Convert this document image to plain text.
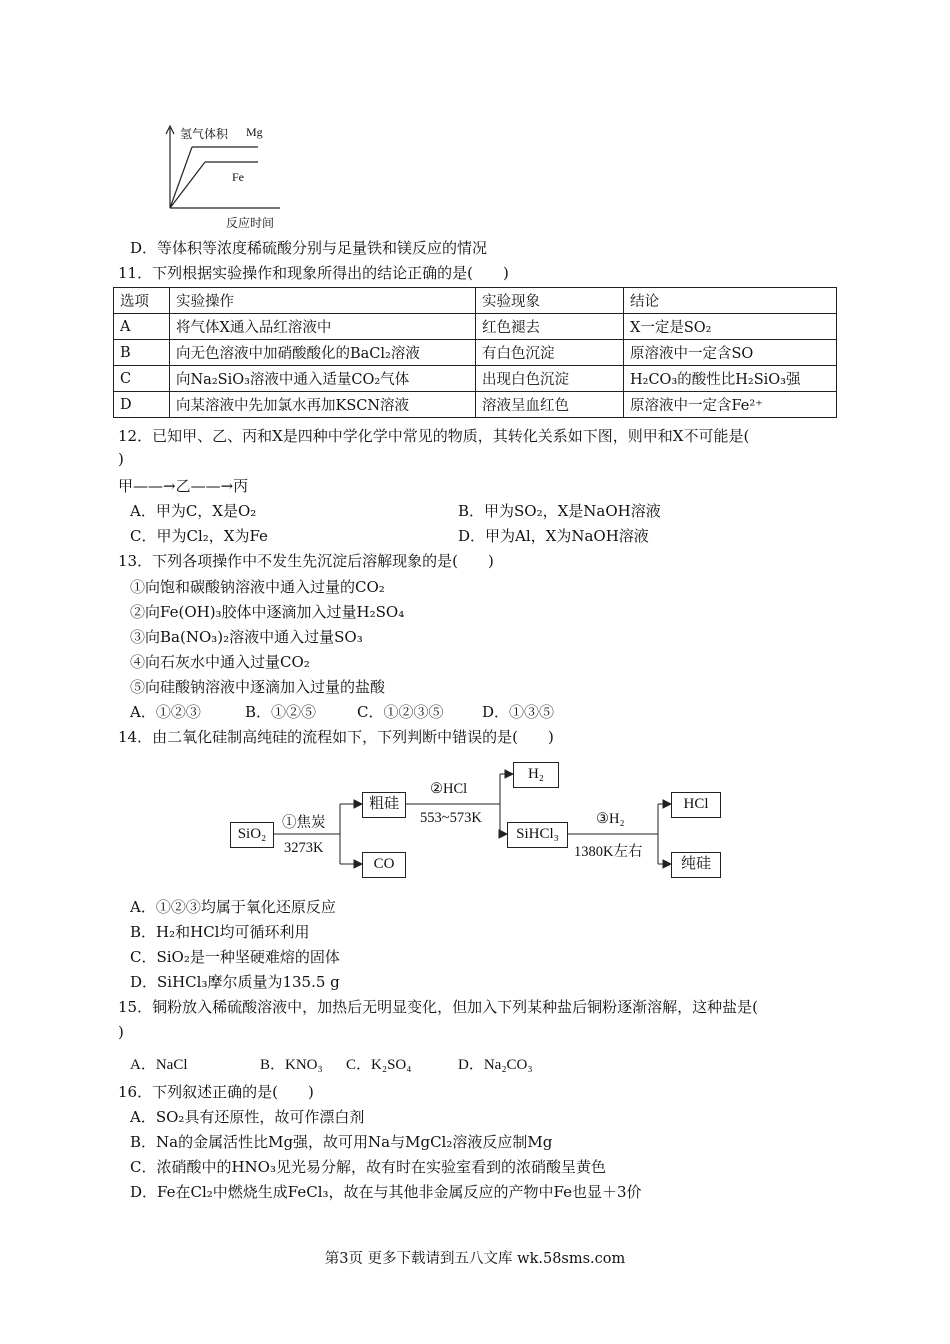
氢气体积 Mg
Fe
反应时间
D．等体积等浓度稀硫酸分别与足量铁和镁反应的情况
11．下列根据实验操作和现象所得出的结论正确的是(　　)
选项	实验操作	实验现象	结论
A	将气体X通入品红溶液中	红色褪去	X一定是SO₂
B	向无色溶液中加硝酸酸化的BaCl₂溶液	有白色沉淀	原溶液中一定含SO
C	向Na₂SiO₃溶液中通入适量CO₂气体	出现白色沉淀	H₂CO₃的酸性比H₂SiO₃强
D	向某溶液中先加氯水再加KSCN溶液	溶液呈血红色	原溶液中一定含Fe²⁺
12．已知甲、乙、丙和X是四种中学化学中常见的物质，其转化关系如下图，则甲和X不可能是(
)
甲——→乙——→丙
A．甲为C，X是O₂	B．甲为SO₂，X是NaOH溶液
C．甲为Cl₂，X为Fe	D．甲为Al，X为NaOH溶液
13．下列各项操作中不发生先沉淀后溶解现象的是(　　)
①向饱和碳酸钠溶液中通入过量的CO₂
②向Fe(OH)₃胶体中逐滴加入过量H₂SO₄
③向Ba(NO₃)₂溶液中通入过量SO₃
④向石灰水中通入过量CO₂
⑤向硅酸钠溶液中逐滴加入过量的盐酸
A．①②③	B．①②⑤	C．①②③⑤	D．①③⑤
14．由二氧化硅制高纯硅的流程如下，下列判断中错误的是(　　)
SiO₂
①焦炭
3273K
粗硅
CO
②HCl
553~573K
H₂
SiHCl₃
③H₂
1380K左右
HCl
纯硅
A．①②③均属于氧化还原反应
B．H₂和HCl均可循环利用
C．SiO₂是一种坚硬难熔的固体
D．SiHCl₃摩尔质量为135.5 g
15．铜粉放入稀硫酸溶液中，加热后无明显变化，但加入下列某种盐后铜粉逐渐溶解，这种盐是(
)
A．NaCl	B．KNO₃ C．K₂SO₄	D．Na₂CO₃
16．下列叙述正确的是(　　)
A．SO₂具有还原性，故可作漂白剂
B．Na的金属活性比Mg强，故可用Na与MgCl₂溶液反应制Mg
C．浓硝酸中的HNO₃见光易分解，故有时在实验室看到的浓硝酸呈黄色
D．Fe在Cl₂中燃烧生成FeCl₃，故在与其他非金属反应的产物中Fe也显＋3价
第3页 更多下载请到五八文库 wk.58sms.com
